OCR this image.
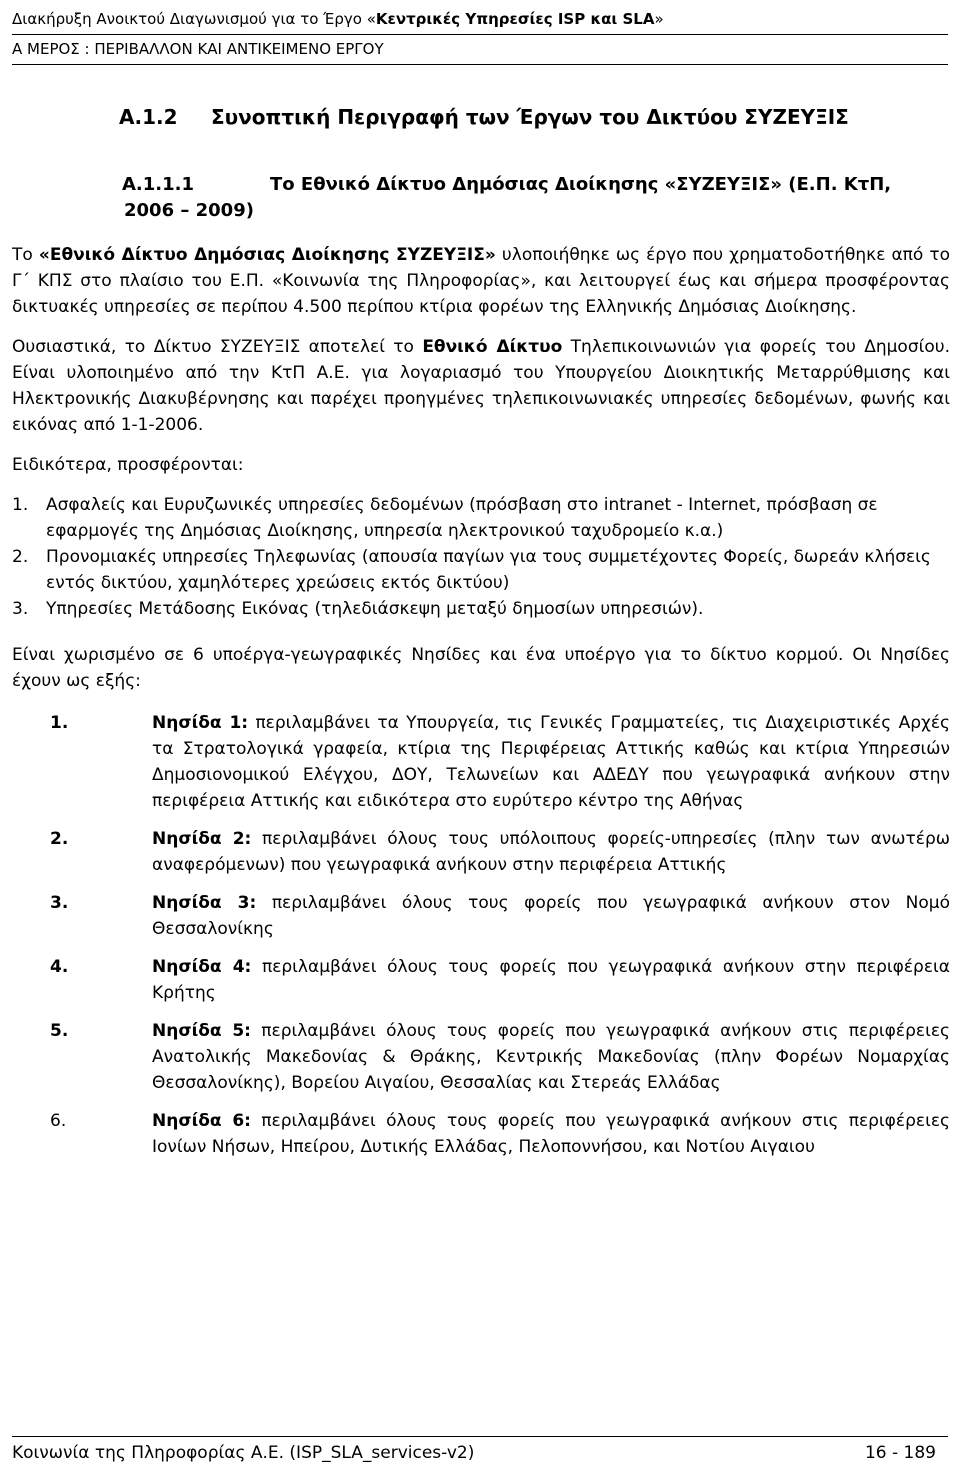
Διακήρυξη Ανοικτού Διαγωνισμού για το Έργο «Κεντρικές Υπηρεσίες ISP και SLA»
Α ΜΕΡΟΣ : ΠΕΡΙΒΑΛΛΟΝ ΚΑΙ ΑΝΤΙΚΕΙΜΕΝΟ ΕΡΓΟΥ
Α.1.2 Συνοπτική Περιγραφή των Έργων του Δικτύου ΣΥΖΕΥΞΙΣ
Α.1.1.1	Το Εθνικό Δίκτυο Δημόσιας Διοίκησης «ΣΥΖΕΥΞΙΣ» (Ε.Π. ΚτΠ,
2006 – 2009)

Το «Εθνικό Δίκτυο Δημόσιας Διοίκησης ΣΥΖΕΥΞΙΣ» υλοποιήθηκε ως έργο που χρηματοδοτήθηκε από το Γ΄ ΚΠΣ στο πλαίσιο του Ε.Π. «Κοινωνία της Πληροφορίας», και λειτουργεί έως και σήμερα προσφέροντας δικτυακές υπηρεσίες σε περίπου 4.500 περίπου κτίρια φορέων της Ελληνικής Δημόσιας Διοίκησης.

Ουσιαστικά, το Δίκτυο ΣΥΖΕΥΞΙΣ αποτελεί το Εθνικό Δίκτυο Τηλεπικοινωνιών για φορείς του Δημοσίου. Είναι υλοποιημένο από την ΚτΠ Α.Ε. για λογαριασμό του Υπουργείου Διοικητικής Μεταρρύθμισης και Ηλεκτρονικής Διακυβέρνησης και παρέχει προηγμένες τηλεπικοινωνιακές υπηρεσίες δεδομένων, φωνής και εικόνας από 1-1-2006.

Ειδικότερα, προσφέρονται:

1.	Ασφαλείς και Ευρυζωνικές υπηρεσίες δεδομένων (πρόσβαση στο intranet - Internet, πρόσβαση σε εφαρμογές της Δημόσιας Διοίκησης, υπηρεσία ηλεκτρονικού ταχυδρομείο κ.α.)
2.	Προνομιακές υπηρεσίες Τηλεφωνίας (απουσία παγίων για τους συμμετέχοντες Φορείς, δωρεάν κλήσεις εντός δικτύου, χαμηλότερες χρεώσεις εκτός δικτύου)
3.	Υπηρεσίες Μετάδοσης Εικόνας (τηλεδιάσκεψη μεταξύ δημοσίων υπηρεσιών).

Είναι χωρισμένο σε 6 υποέργα-γεωγραφικές Νησίδες και ένα υποέργο για το δίκτυο κορμού. Οι Νησίδες έχουν ως εξής:

1.	Νησίδα 1: περιλαμβάνει τα Υπουργεία, τις Γενικές Γραμματείες, τις Διαχειριστικές Αρχές τα Στρατολογικά γραφεία, κτίρια της Περιφέρειας Αττικής καθώς και κτίρια Υπηρεσιών Δημοσιονομικού Ελέγχου, ΔΟΥ, Τελωνείων και ΑΔΕΔΥ που γεωγραφικά ανήκουν στην περιφέρεια Αττικής και ειδικότερα στο ευρύτερο κέντρο της Αθήνας
2.	Νησίδα 2: περιλαμβάνει όλους τους υπόλοιπους φορείς-υπηρεσίες (πλην των ανωτέρω αναφερόμενων) που γεωγραφικά ανήκουν στην περιφέρεια Αττικής
3.	Νησίδα 3: περιλαμβάνει όλους τους φορείς που γεωγραφικά ανήκουν στον Νομό Θεσσαλονίκης
4.	Νησίδα 4: περιλαμβάνει όλους τους φορείς που γεωγραφικά ανήκουν στην περιφέρεια Κρήτης
5.	Νησίδα 5: περιλαμβάνει όλους τους φορείς που γεωγραφικά ανήκουν στις περιφέρειες Ανατολικής Μακεδονίας & Θράκης, Κεντρικής Μακεδονίας (πλην Φορέων Νομαρχίας Θεσσαλονίκης), Βορείου Αιγαίου, Θεσσαλίας και Στερεάς Ελλάδας
6.	Νησίδα 6: περιλαμβάνει όλους τους φορείς που γεωγραφικά ανήκουν στις περιφέρειες Ιονίων Νήσων, Ηπείρου, Δυτικής Ελλάδας, Πελοποννήσου, και Νοτίου Αιγαιου
Κοινωνία της Πληροφορίας Α.Ε. (ISP_SLA_services-v2)	16 - 189
